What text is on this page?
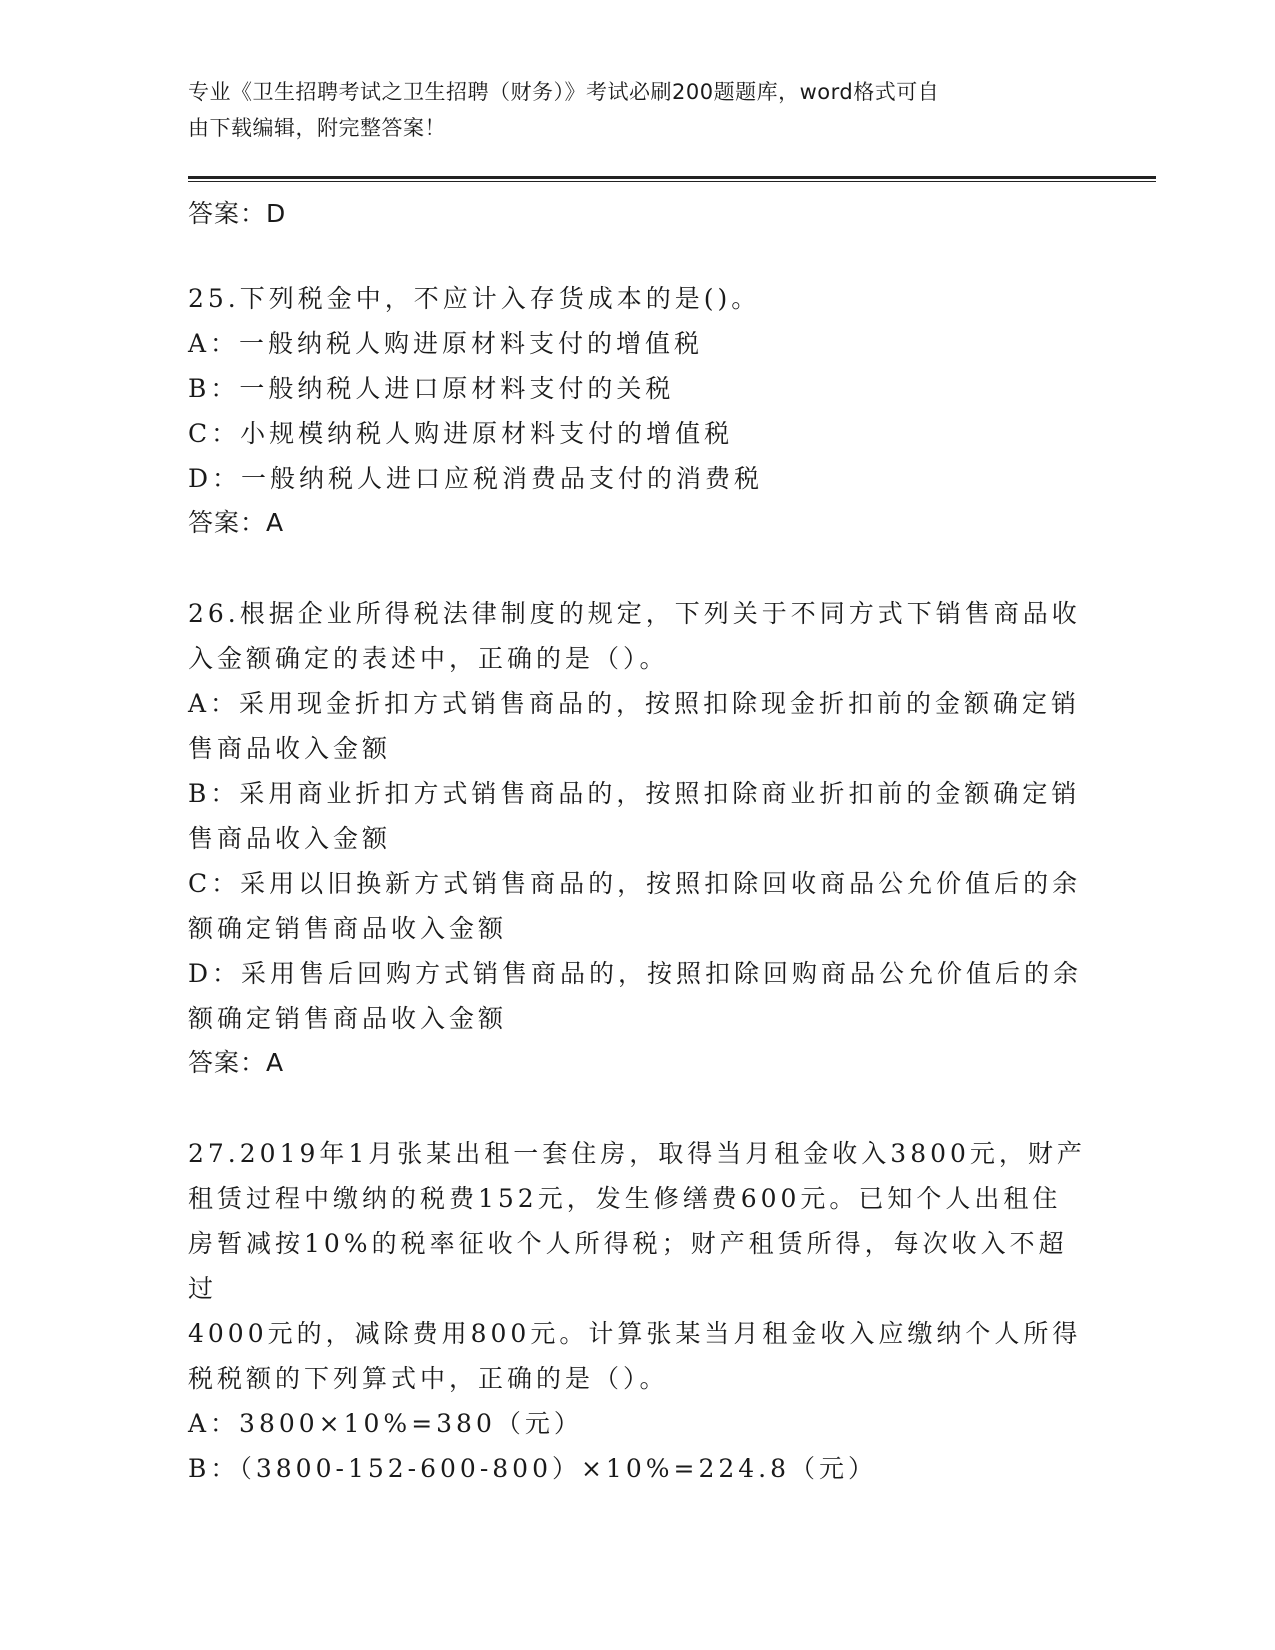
专业《卫生招聘考试之卫生招聘（财务）》考试必刷200题题库，word格式可自
由下载编辑，附完整答案！
答案：D
25.下列税金中，不应计入存货成本的是()。
A：一般纳税人购进原材料支付的增值税
B：一般纳税人进口原材料支付的关税
C：小规模纳税人购进原材料支付的增值税
D：一般纳税人进口应税消费品支付的消费税
答案：A
26.根据企业所得税法律制度的规定，下列关于不同方式下销售商品收
入金额确定的表述中，正确的是（）。
A：采用现金折扣方式销售商品的，按照扣除现金折扣前的金额确定销
售商品收入金额
B：采用商业折扣方式销售商品的，按照扣除商业折扣前的金额确定销
售商品收入金额
C：采用以旧换新方式销售商品的，按照扣除回收商品公允价值后的余
额确定销售商品收入金额
D：采用售后回购方式销售商品的，按照扣除回购商品公允价值后的余
额确定销售商品收入金额
答案：A
27.2019年1月张某出租一套住房，取得当月租金收入3800元，财产
租赁过程中缴纳的税费152元，发生修缮费600元。已知个人出租住
房暂减按10%的税率征收个人所得税；财产租赁所得，每次收入不超过
4000元的，减除费用800元。计算张某当月租金收入应缴纳个人所得
税税额的下列算式中，正确的是（）。
A：3800×10%=380（元）
B：（3800-152-600-800）×10%=224.8（元）
